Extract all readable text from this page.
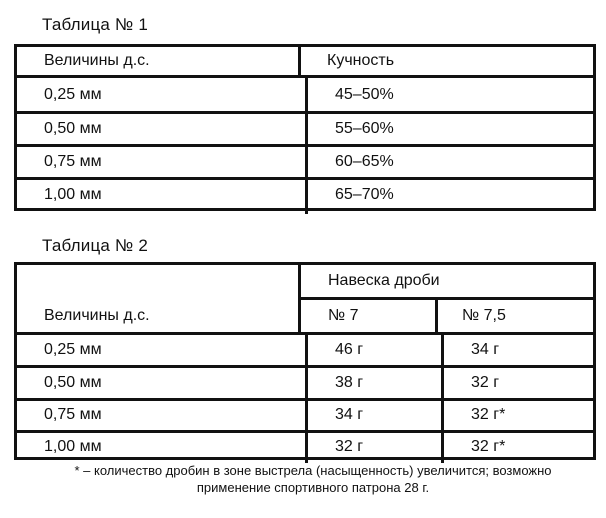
Таблица № 1
Величины д.с.	Кучность
0,25 мм	45–50%
0,50 мм	55–60%
0,75 мм	60–65%
1,00 мм	65–70%
Таблица № 2
Навеска дроби
Величины д.с.	№ 7	№ 7,5
0,25 мм	46 г	34 г
0,50 мм	38 г	32 г
0,75 мм	34 г	32 г*
1,00 мм	32 г	32 г*
* – количество дробин в зоне выстрела (насыщенность) увеличится; возможно
применение спортивного патрона 28 г.
